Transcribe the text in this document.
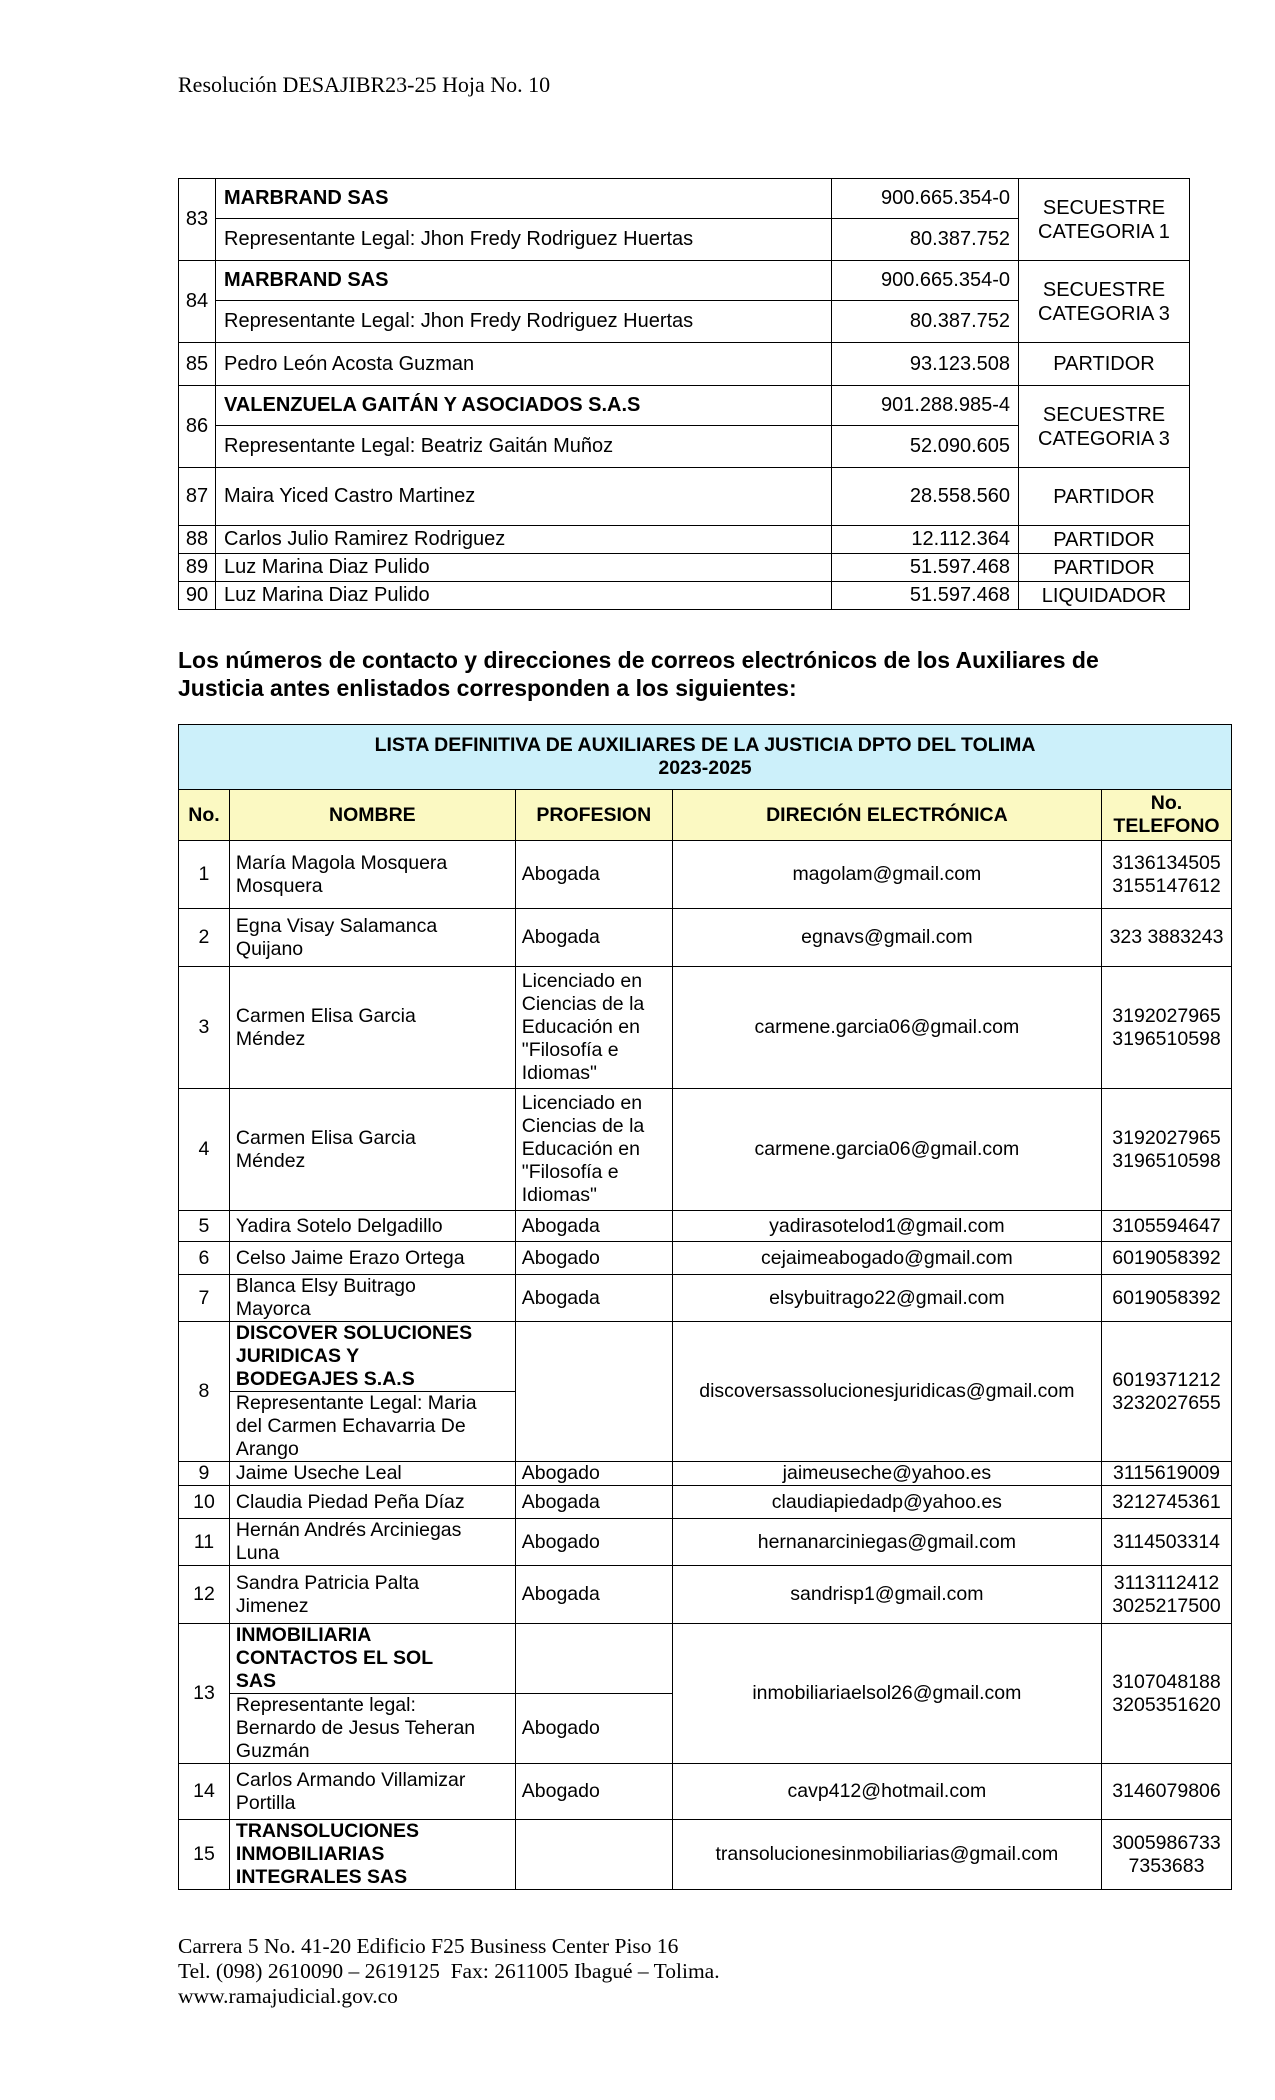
Resolución DESAJIBR23-25 Hoja No. 10
83	MARBRAND SAS	900.665.354-0	SECUESTRE
CATEGORIA 1

	Representante Legal: Jhon Fredy Rodriguez Huertas	80.387.752	
84	MARBRAND SAS	900.665.354-0	SECUESTRE
CATEGORIA 3

	Representante Legal: Jhon Fredy Rodriguez Huertas	80.387.752	
85	Pedro León Acosta Guzman	93.123.508	PARTIDOR
86	VALENZUELA GAITÁN Y ASOCIADOS S.A.S	901.288.985-4	SECUESTRE
CATEGORIA 3

	Representante Legal: Beatriz Gaitán Muñoz	52.090.605	
87	Maira Yiced Castro Martinez	28.558.560	PARTIDOR
88	Carlos Julio Ramirez Rodriguez	12.112.364	PARTIDOR
89	Luz Marina Diaz Pulido	51.597.468	PARTIDOR
90	Luz Marina Diaz Pulido	51.597.468	LIQUIDADOR
Los números de contacto y direcciones de correos electrónicos de los Auxiliares de
Justicia antes enlistados corresponden a los siguientes:
LISTA DEFINITIVA DE AUXILIARES DE LA JUSTICIA DPTO DEL TOLIMA
2023-2025				

No.	NOMBRE	PROFESION	DIRECIÓN ELECTRÓNICA	No.
TELEFONO

1	María Magola Mosquera
Mosquera	Abogada	magolam@gmail.com	3136134505
3155147612

2	Egna Visay Salamanca
Quijano	Abogada	egnavs@gmail.com	323 3883243

3	Carmen Elisa Garcia
Méndez	Licenciado en
Ciencias de la
Educación en
"Filosofía e
Idiomas"	carmene.garcia06@gmail.com	3192027965
3196510598

4	Carmen Elisa Garcia
Méndez	Licenciado en
Ciencias de la
Educación en
"Filosofía e
Idiomas"	carmene.garcia06@gmail.com	3192027965
3196510598

5	Yadira Sotelo Delgadillo	Abogada	yadirasotelod1@gmail.com	3105594647

6	Celso Jaime Erazo Ortega	Abogado	cejaimeabogado@gmail.com	6019058392

7	Blanca Elsy Buitrago
Mayorca	Abogada	elsybuitrago22@gmail.com	6019058392

8	DISCOVER SOLUCIONES
JURIDICAS Y
BODEGAJES S.A.S		discoversassolucionesjuridicas@gmail.com	6019371212
3232027655

	Representante Legal: Maria
del Carmen Echavarria De
Arango			

9	Jaime Useche Leal	Abogado	jaimeuseche@yahoo.es	3115619009

10	Claudia Piedad Peña Díaz	Abogada	claudiapiedadp@yahoo.es	3212745361

11	Hernán Andrés Arciniegas
Luna	Abogado	hernanarciniegas@gmail.com	3114503314

12	Sandra Patricia Palta
Jimenez	Abogada	sandrisp1@gmail.com	3113112412
3025217500

13	INMOBILIARIA
CONTACTOS EL SOL
SAS		inmobiliariaelsol26@gmail.com	3107048188
3205351620

	Representante legal:
Bernardo de Jesus Teheran
Guzmán	Abogado		
14	Carlos Armando Villamizar
Portilla	Abogado	cavp412@hotmail.com	3146079806

15	TRANSOLUCIONES
INMOBILIARIAS
INTEGRALES SAS		transolucionesinmobiliarias@gmail.com	3005986733
7353683
Carrera 5 No. 41-20 Edificio F25 Business Center Piso 16
Tel. (098) 2610090 – 2619125  Fax: 2611005 Ibagué – Tolima.
www.ramajudicial.gov.co
